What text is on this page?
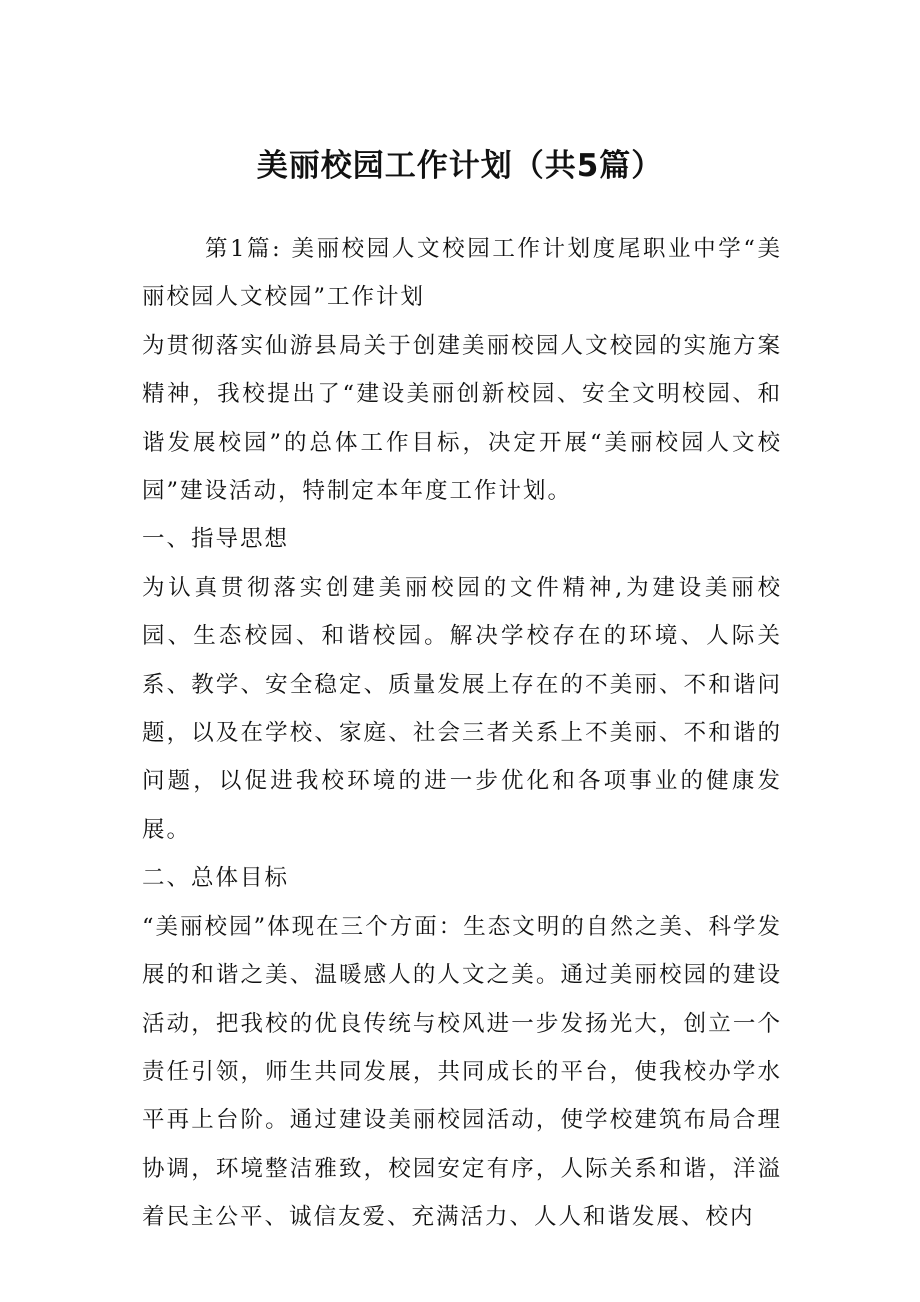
美丽校园工作计划（共5篇）

第1篇: 美丽校园人文校园工作计划度尾职业中学“美丽校园人文校园”工作计划

为贯彻落实仙游县局关于创建美丽校园人文校园的实施方案精神，我校提出了“建设美丽创新校园、安全文明校园、和谐发展校园”的总体工作目标，决定开展“美丽校园人文校园”建设活动，特制定本年度工作计划。

一、指导思想

为认真贯彻落实创建美丽校园的文件精神,为建设美丽校园、生态校园、和谐校园。解决学校存在的环境、人际关系、教学、安全稳定、质量发展上存在的不美丽、不和谐问题，以及在学校、家庭、社会三者关系上不美丽、不和谐的问题，以促进我校环境的进一步优化和各项事业的健康发展。

二、总体目标

“美丽校园”体现在三个方面：生态文明的自然之美、科学发展的和谐之美、温暖感人的人文之美。通过美丽校园的建设活动，把我校的优良传统与校风进一步发扬光大，创立一个责任引领，师生共同发展，共同成长的平台，使我校办学水平再上台阶。通过建设美丽校园活动，使学校建筑布局合理协调，环境整洁雅致，校园安定有序，人际关系和谐，洋溢着民主公平、诚信友爱、充满活力、人人和谐发展、校内
